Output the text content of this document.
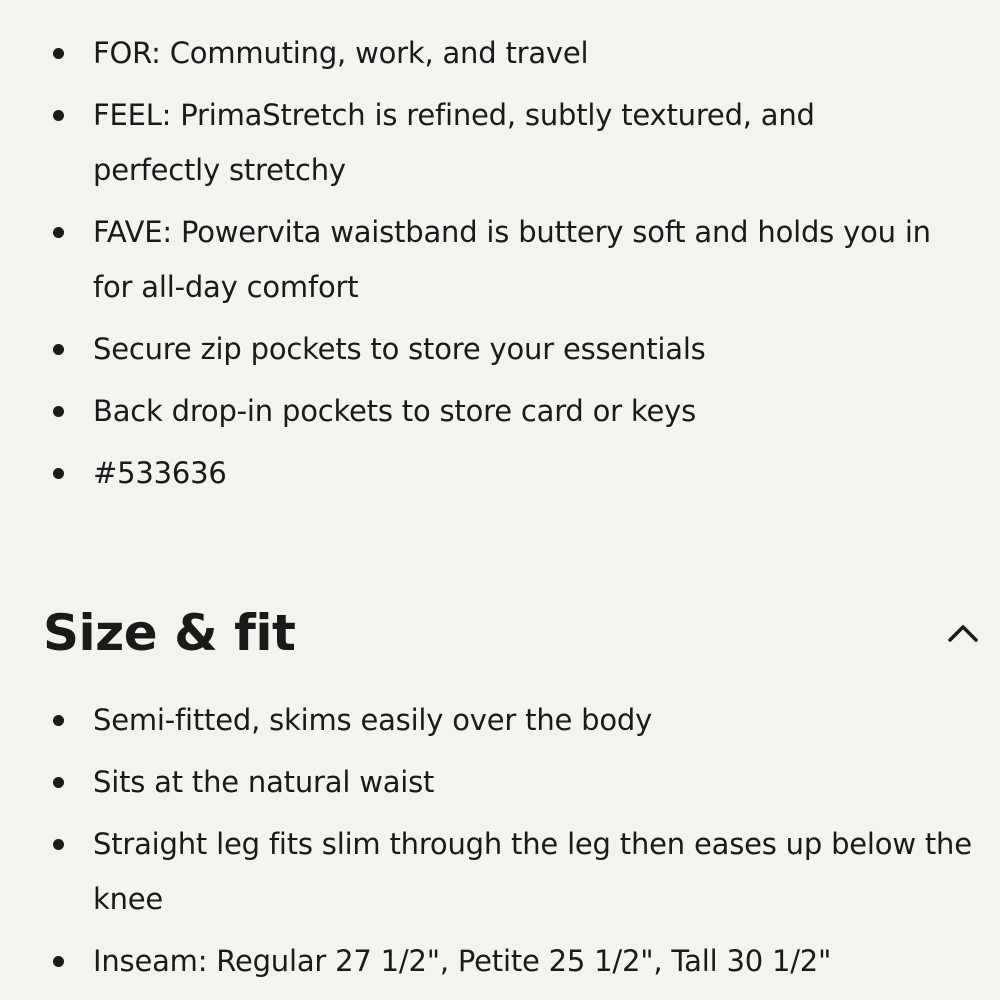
FOR: Commuting, work, and travel
FEEL: PrimaStretch is refined, subtly textured, and perfectly stretchy
FAVE: Powervita waistband is buttery soft and holds you in for all-day comfort
Secure zip pockets to store your essentials
Back drop-in pockets to store card or keys
#533636
Size & fit
Semi-fitted, skims easily over the body
Sits at the natural waist
Straight leg fits slim through the leg then eases up below the knee
Inseam: Regular 27 1/2", Petite 25 1/2", Tall 30 1/2"
